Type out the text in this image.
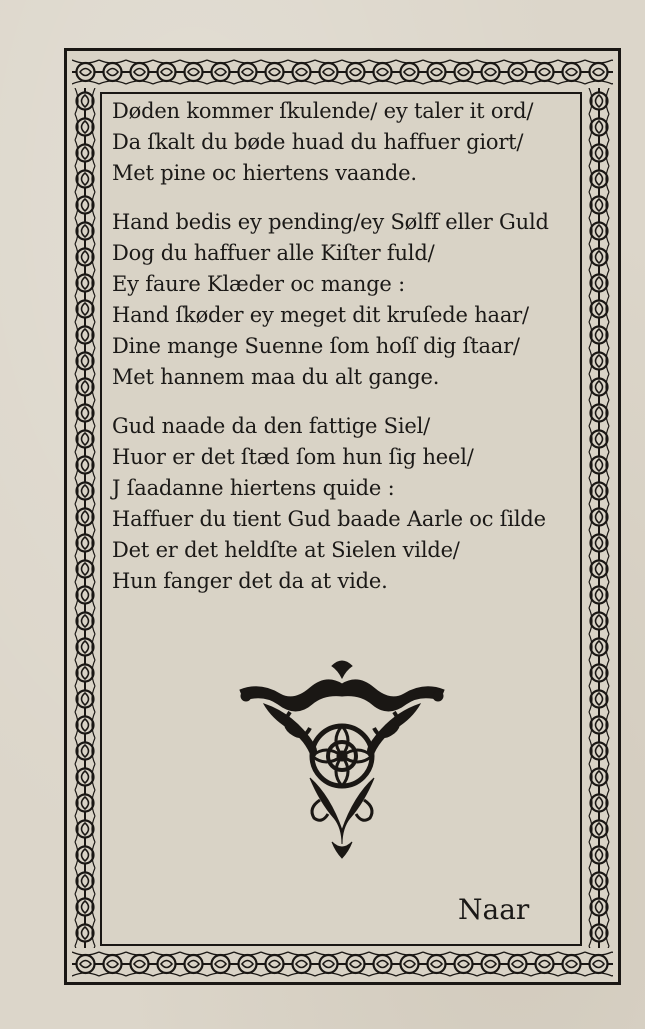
Døden kommer ſkulende/ ey taler it ord/
Da ſkalt du bøde huad du haffuer giort/
Met pine oc hiertens vaande.
Hand bedis ey pending/ey Sølff eller Guld
Dog du haffuer alle Kiſter fuld/
Ey faure Klæder oc mange :
Hand ſkøder ey meget dit kruſede haar/
Dine mange Suenne ſom hoſſ dig ſtaar/
Met hannem maa du alt gange.
Gud naade da den fattige Siel/
Huor er det ſtæd ſom hun ſig heel/
J ſaadanne hiertens quide :
Haffuer du tient Gud baade Aarle oc ſilde
Det er det heldſte at Sielen vilde/
Hun fanger det da at vide.
Naar
